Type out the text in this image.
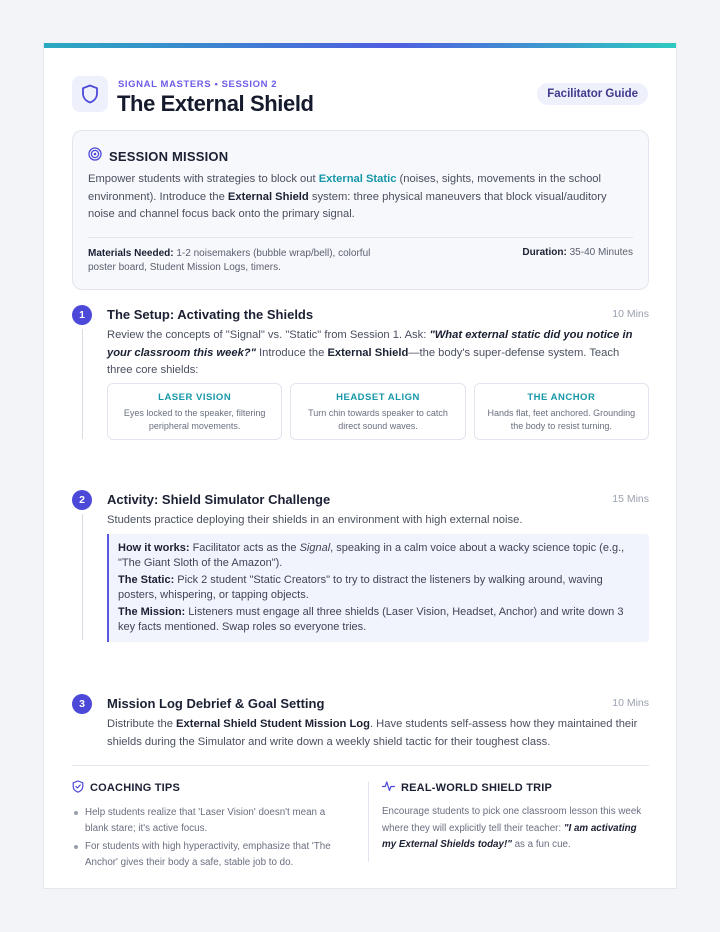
SIGNAL MASTERS • SESSION 2
The External Shield	Facilitator Guide
SESSION MISSION
Empower students with strategies to block out External Static (noises, sights, movements in the school environment). Introduce the External Shield system: three physical maneuvers that block visual/auditory noise and channel focus back onto the primary signal.
Materials Needed: 1-2 noisemakers (bubble wrap/bell), colorful poster board, Student Mission Logs, timers.
Duration: 35-40 Minutes
1	The Setup: Activating the Shields	10 Mins
Review the concepts of "Signal" vs. "Static" from Session 1. Ask: "What external static did you notice in your classroom this week?" Introduce the External Shield—the body's super-defense system. Teach three core shields:
LASER VISION
Eyes locked to the speaker, filtering peripheral movements.
HEADSET ALIGN
Turn chin towards speaker to catch direct sound waves.
THE ANCHOR
Hands flat, feet anchored. Grounding the body to resist turning.
2	Activity: Shield Simulator Challenge	15 Mins
Students practice deploying their shields in an environment with high external noise.

How it works: Facilitator acts as the Signal, speaking in a calm voice about a wacky science topic (e.g., "The Giant Sloth of the Amazon").

The Static: Pick 2 student "Static Creators" to try to distract the listeners by walking around, waving posters, whispering, or tapping objects.

The Mission: Listeners must engage all three shields (Laser Vision, Headset, Anchor) and write down 3 key facts mentioned. Swap roles so everyone tries.

3	Mission Log Debrief & Goal Setting	10 Mins
Distribute the External Shield Student Mission Log. Have students self-assess how they maintained their shields during the Simulator and write down a weekly shield tactic for their toughest class.
COACHING TIPS
Help students realize that 'Laser Vision' doesn't mean a blank stare; it's active focus.
For students with high hyperactivity, emphasize that 'The Anchor' gives their body a safe, stable job to do.
REAL-WORLD SHIELD TRIP
Encourage students to pick one classroom lesson this week where they will explicitly tell their teacher: "I am activating my External Shields today!" as a fun cue.
